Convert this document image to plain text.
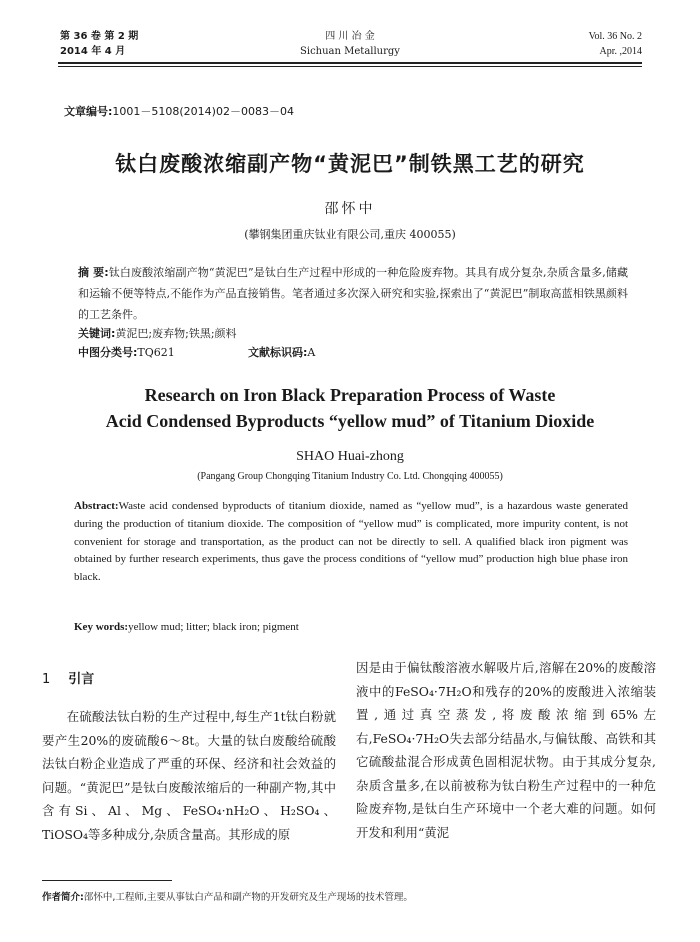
第 36 卷 第 2 期
2014 年 4 月
四 川 冶 金
Sichuan Metallurgy
Vol. 36 No. 2
Apr. ,2014
文章编号:1001－5108(2014)02－0083－04
钛白废酸浓缩副产物“黄泥巴”制铁黑工艺的研究
邵怀中
(攀钢集团重庆钛业有限公司,重庆 400055)
摘 要:钛白废酸浓缩副产物“黄泥巴”是钛白生产过程中形成的一种危险废弃物。其具有成分复杂,杂质含量多,储藏和运输不便等特点,不能作为产品直接销售。笔者通过多次深入研究和实验,探索出了“黄泥巴”制取高蓝相铁黑颜料的工艺条件。
关键词:黄泥巴;废弃物;铁黑;颜料
中图分类号:TQ621	文献标识码:A
Research on Iron Black Preparation Process of Waste
Acid Condensed Byproducts “yellow mud” of Titanium Dioxide
SHAO Huai-zhong
(Pangang Group Chongqing Titanium Industry Co. Ltd. Chongqing 400055)
Abstract:Waste acid condensed byproducts of titanium dioxide, named as “yellow mud”, is a hazardous waste generated during the production of titanium dioxide. The composition of “yellow mud” is complicated, more impurity content, is not convenient for storage and transportation, as the product can not be directly to sell. A qualified black iron pigment was obtained by further research experiments, thus gave the process conditions of “yellow mud” production high blue phase iron black.
Key words:yellow mud; litter; black iron; pigment
1 引言
在硫酸法钛白粉的生产过程中,每生产1t钛白粉就要产生20%的废硫酸6～8t。大量的钛白废酸给硫酸法钛白粉企业造成了严重的环保、经济和社会效益的问题。“黄泥巴”是钛白废酸浓缩后的一种副产物,其中含有Si、Al、Mg、FeSO₄·nH₂O、H₂SO₄、TiOSO₄等多种成分,杂质含量高。其形成的原
因是由于偏钛酸溶液水解吸片后,溶解在20%的废酸溶液中的FeSO₄·7H₂O和残存的20%的废酸进入浓缩装置,通过真空蒸发,将废酸浓缩到65%左右,FeSO₄·7H₂O失去部分结晶水,与偏钛酸、高铁和其它硫酸盐混合形成黄色固相泥状物。由于其成分复杂,杂质含量多,在以前被称为钛白粉生产过程中的一种危险废弃物,是钛白生产环境中一个老大难的问题。如何开发和利用“黄泥
作者简介:邵怀中,工程师,主要从事钛白产品和副产物的开发研究及生产现场的技术管理。
